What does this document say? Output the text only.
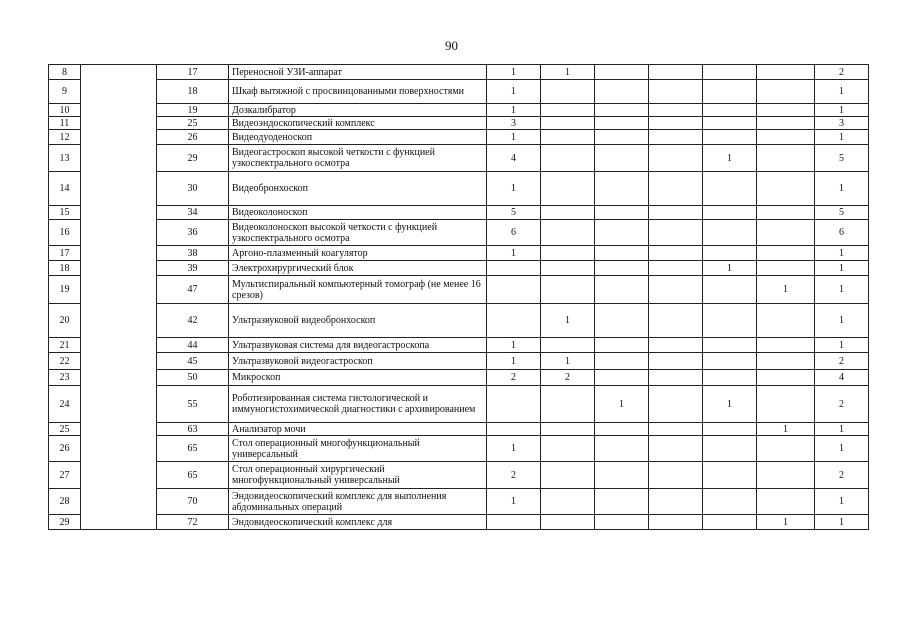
90
8		17	Переносной УЗИ-аппарат	1	1					2
9		18	Шкаф вытяжной с просвинцованными поверхностями	1						1
10		19	Дозкалибратор	1						1
11		25	Видеоэндоскопический комплекс	3						3
12		26	Видеодуоденоскоп	1						1
13		29	Видеогастроскоп высокой четкости с функцией узкоспектрального осмотра	4				1		5
14		30	Видеобронхоскоп	1						1
15		34	Видеоколоноскоп	5						5
16		36	Видеоколоноскоп высокой четкости с функцией узкоспектрального осмотра	6						6
17		38	Аргоно-плазменный коагулятор	1						1
18		39	Электрохирургический блок					1		1
19		47	Мультиспиральный компьютерный томограф (не менее 16 срезов)						1	1
20		42	Ультразвуковой видеобронхоскоп		1					1
21		44	Ультразвуковая система для видеогастроскопа	1						1
22		45	Ультразвуковой видеогастроскоп	1	1					2
23		50	Микроскоп	2	2					4
24		55	Роботизированная система гистологической и иммуногистохимической диагностики с архивированием			1		1		2
25		63	Анализатор мочи						1	1
26		65	Стол операционный многофункциональный универсальный	1						1
27		65	Стол операционный хирургический многофункциональный универсальный	2						2
28		70	Эндовидеоскопический комплекс для выполнения абдоминальных операций	1						1
29		72	Эндовидеоскопический комплекс для						1	1
